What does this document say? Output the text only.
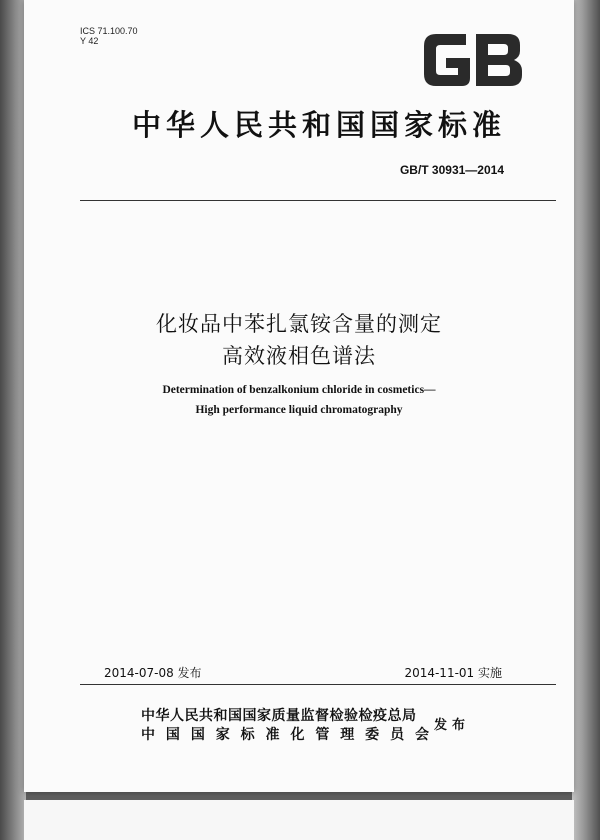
ICS 71.100.70
Y 42
中华人民共和国国家标准
GB/T 30931—2014
化妆品中苯扎氯铵含量的测定
高效液相色谱法
Determination of benzalkonium chloride in cosmetics—
High performance liquid chromatography
2014-07-08 发布	2014-11-01 实施
中华人民共和国国家质量监督检验检疫总局
中国国家标准化管理委员会
发布
